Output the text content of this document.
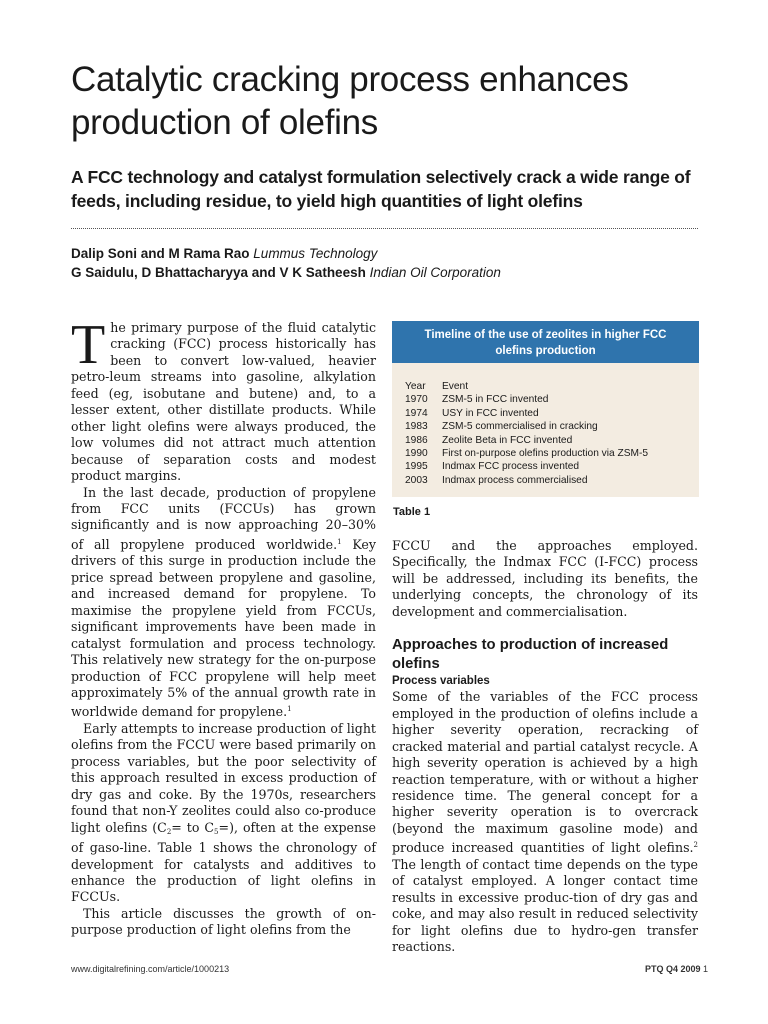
Catalytic cracking process enhances production of olefins
A FCC technology and catalyst formulation selectively crack a wide range of feeds, including residue, to yield high quantities of light olefins
Dalip Soni and M Rama Rao Lummus Technology
G Saidulu, D Bhattacharyya and V K Satheesh Indian Oil Corporation

The primary purpose of the fluid catalytic cracking (FCC) process historically has been to convert low-valued, heavier petro-leum streams into gasoline, alkylation feed (eg, isobutane and butene) and, to a lesser extent, other distillate products. While other light olefins were always produced, the low volumes did not attract much attention because of separation costs and modest product margins.

In the last decade, production of propylene from FCC units (FCCUs) has grown significantly and is now approaching 20–30% of all propylene produced worldwide.$^1$ Key drivers of this surge in production include the price spread between propylene and gasoline, and increased demand for propylene. To maximise the propylene yield from FCCUs, significant improvements have been made in catalyst formulation and process technology. This relatively new strategy for the on-purpose production of FCC propylene will help meet approximately 5% of the annual growth rate in worldwide demand for propylene.$^1$

Early attempts to increase production of light olefins from the FCCU were based primarily on process variables, but the poor selectivity of this approach resulted in excess production of dry gas and coke. By the 1970s, researchers found that non-Y zeolites could also co-produce light olefins ($C_2=$ to $C_5=$), often at the expense of gaso-line. Table 1 shows the chronology of development for catalysts and additives to enhance the production of light olefins in FCCUs.

This article discusses the growth of on-purpose production of light olefins from the

Timeline of the use of zeolites in higher FCC olefins production
Year	Event
1970	ZSM-5 in FCC invented
1974	USY in FCC invented
1983	ZSM-5 commercialised in cracking
1986	Zeolite Beta in FCC invented
1990	First on-purpose olefins production via ZSM-5
1995	Indmax FCC process invented
2003	Indmax process commercialised
Table 1

FCCU and the approaches employed. Specifically, the Indmax FCC (I-FCC) process will be addressed, including its benefits, the underlying concepts, the chronology of its development and commercialisation.

Approaches to production of increased olefins
Process variables

Some of the variables of the FCC process employed in the production of olefins include a higher severity operation, recracking of cracked material and partial catalyst recycle. A high severity operation is achieved by a high reaction temperature, with or without a higher residence time. The general concept for a higher severity operation is to overcrack (beyond the maximum gasoline mode) and produce increased quantities of light olefins.$^2$ The length of contact time depends on the type of catalyst employed. A longer contact time results in excessive produc-tion of dry gas and coke, and may also result in reduced selectivity for light olefins due to hydro-gen transfer reactions.

www.digitalrefining.com/article/1000213	PTQ Q4 2009 1
